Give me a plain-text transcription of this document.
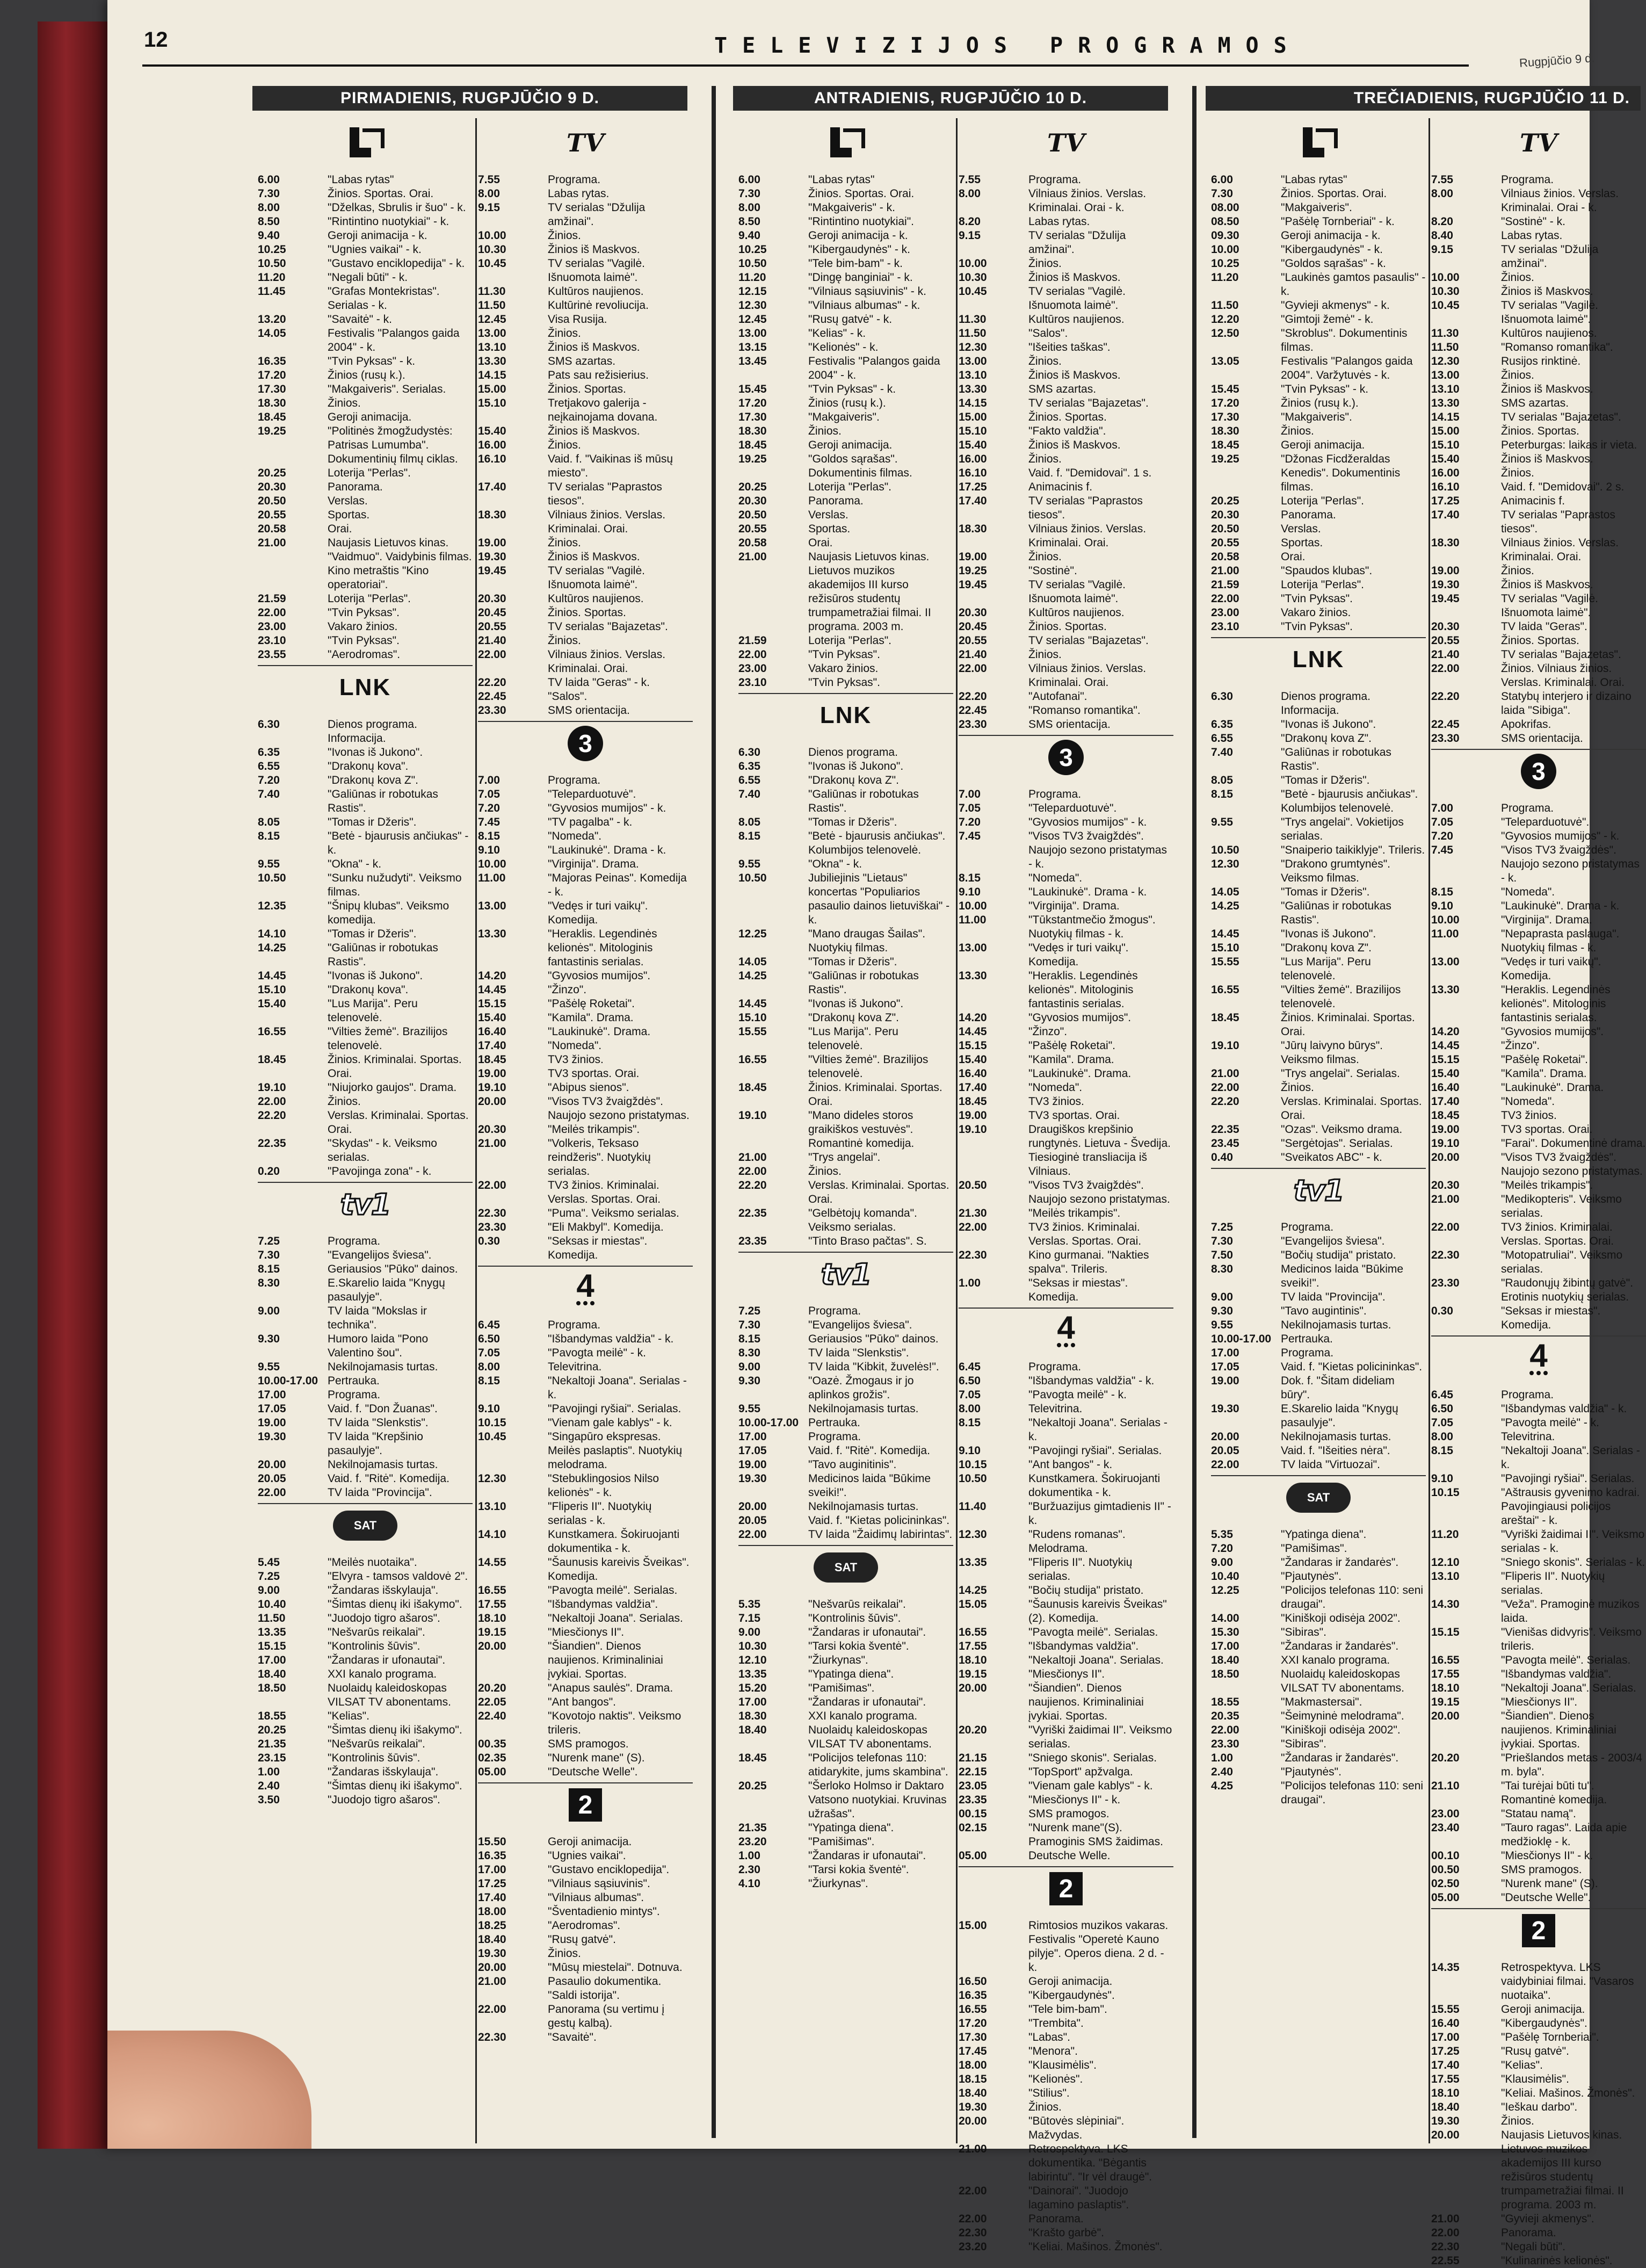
12	TELEVIZIJOS PROGRAMOS
Rugpjūčio 9 d.
PIRMADIENIS, RUGPJŪČIO 9 D.
6.00	"Labas rytas"
7.30	Žinios. Sportas. Orai.
8.00	"Dželkas, Sbrulis ir šuo" - k.
8.50	"Rintintino nuotykiai" - k.
9.40	Geroji animacija - k.
10.25	"Ugnies vaikai" - k.
10.50	"Gustavo enciklopedija" - k.
11.20	"Negali būti" - k.
11.45	"Grafas Montekristas". Serialas - k.
13.20	"Savaitė" - k.
14.05	Festivalis "Palangos gaida 2004" - k.
16.35	"Tvin Pyksas" - k.
17.20	Žinios (rusų k.).
17.30	"Makgaiveris". Serialas.
18.30	Žinios.
18.45	Geroji animacija.
19.25	"Politinės žmogžudystės: Patrisas Lumumba". Dokumentinių filmų ciklas.
20.25	Loterija "Perlas".
20.30	Panorama.
20.50	Verslas.
20.55	Sportas.
20.58	Orai.
21.00	Naujasis Lietuvos kinas. "Vaidmuo". Vaidybinis filmas. Kino metraštis "Kino operatoriai".
21.59	Loterija "Perlas".
22.00	"Tvin Pyksas".
23.00	Vakaro žinios.
23.10	"Tvin Pyksas".
23.55	"Aerodromas".
LNK
6.30	Dienos programa. Informacija.
6.35	"Ivonas iš Jukono".
6.55	"Drakonų kova".
7.20	"Drakonų kova Z".
7.40	"Galiūnas ir robotukas Rastis".
8.05	"Tomas ir Džeris".
8.15	"Betė - bjaurusis ančiukas" - k.
9.55	"Okna" - k.
10.50	"Sunku nužudyti". Veiksmo filmas.
12.35	"Šnipų klubas". Veiksmo komedija.
14.10	"Tomas ir Džeris".
14.25	"Galiūnas ir robotukas Rastis".
14.45	"Ivonas iš Jukono".
15.10	"Drakonų kova".
15.40	"Lus Marija". Peru telenovelė.
16.55	"Vilties žemė". Brazilijos telenovelė.
18.45	Žinios. Kriminalai. Sportas. Orai.
19.10	"Niujorko gaujos". Drama.
22.00	Žinios.
22.20	Verslas. Kriminalai. Sportas. Orai.
22.35	"Skydas" - k. Veiksmo serialas.
0.20	"Pavojinga zona" - k.
tv1
7.25	Programa.
7.30	"Evangelijos šviesa".
8.15	Geriausios "Pūko" dainos.
8.30	E.Skarelio laida "Knygų pasaulyje".
9.00	TV laida "Mokslas ir technika".
9.30	Humoro laida "Pono Valentino šou".
9.55	Nekilnojamasis turtas.
10.00-17.00 Pertrauka.
17.00	Programa.
17.05	Vaid. f. "Don Žuanas".
19.00	TV laida "Slenkstis".
19.30	TV laida "Krepšinio pasaulyje".
20.00	Nekilnojamasis turtas.
20.05	Vaid. f. "Ritė". Komedija.
22.00	TV laida "Provincija".
SAT
5.45	"Meilės nuotaika".
7.25	"Elvyra - tamsos valdovė 2".
9.00	"Žandaras išskylauja".
10.40	"Šimtas dienų iki išakymo".
11.50	"Juodojo tigro ašaros".
13.35	"Nešvarūs reikalai".
15.15	"Kontrolinis šūvis".
17.00	"Žandaras ir ufonautai".
18.40	XXI kanalo programa.
18.50	Nuolaidų kaleidoskopas VILSAT TV abonentams.
18.55	"Kelias".
20.25	"Šimtas dienų iki išakymo".
21.35	"Nešvarūs reikalai".
23.15	"Kontrolinis šūvis".
1.00	"Žandaras išskylauja".
2.40	"Šimtas dienų iki išakymo".
3.50	"Juodojo tigro ašaros".
TV
7.55	Programa.
8.00	Labas rytas.
9.15	TV serialas "Džulija amžinai".
10.00	Žinios.
10.30	Žinios iš Maskvos.
10.45	TV serialas "Vagilė. Išnuomota laimė".
11.30	Kultūros naujienos.
11.50	Kultūrinė revoliucija.
12.45	Visa Rusija.
13.00	Žinios.
13.10	Žinios iš Maskvos.
13.30	SMS azartas.
14.15	Pats sau režisierius.
15.00	Žinios. Sportas.
15.10	Tretjakovo galerija - neįkainojama dovana.
15.40	Žinios iš Maskvos.
16.00	Žinios.
16.10	Vaid. f. "Vaikinas iš mūsų miesto".
17.40	TV serialas "Paprastos tiesos".
18.30	Vilniaus žinios. Verslas. Kriminalai. Orai.
19.00	Žinios.
19.30	Žinios iš Maskvos.
19.45	TV serialas "Vagilė. Išnuomota laimė".
20.30	Kultūros naujienos.
20.45	Žinios. Sportas.
20.55	TV serialas "Bajazetas".
21.40	Žinios.
22.00	Vilniaus žinios. Verslas. Kriminalai. Orai.
22.20	TV laida "Geras" - k.
22.45	"Salos".
23.30	SMS orientacija.
3
7.00	Programa.
7.05	"Teleparduotuvė".
7.20	"Gyvosios mumijos" - k.
7.45	"TV pagalba" - k.
8.15	"Nomeda".
9.10	"Laukinukė". Drama - k.
10.00	"Virginija". Drama.
11.00	"Majoras Peinas". Komedija - k.
13.00	"Vedęs ir turi vaikų". Komedija.
13.30	"Heraklis. Legendinės kelionės". Mitologinis fantastinis serialas.
14.20	"Gyvosios mumijos".
14.45	"Žinzo".
15.15	"Pašėlę Roketai".
15.40	"Kamila". Drama.
16.40	"Laukinukė". Drama.
17.40	"Nomeda".
18.45	TV3 žinios.
19.00	TV3 sportas. Orai.
19.10	"Abipus sienos".
20.00	"Visos TV3 žvaigždės". Naujojo sezono pristatymas.
20.30	"Meilės trikampis".
21.00	"Volkeris, Teksaso reindžeris". Nuotykių serialas.
22.00	TV3 žinios. Kriminalai. Verslas. Sportas. Orai.
22.30	"Puma". Veiksmo serialas.
23.30	"Eli Makbyl". Komedija.
0.30	"Seksas ir miestas". Komedija.
4
6.45	Programa.
6.50	"Išbandymas valdžia" - k.
7.05	"Pavogta meilė" - k.
8.00	Televitrina.
8.15	"Nekaltoji Joana". Serialas - k.
9.10	"Pavojingi ryšiai". Serialas.
10.15	"Vienam gale kablys" - k.
10.45	"Singapūro ekspresas. Meilės paslaptis". Nuotykių melodrama.
12.30	"Stebuklingosios Nilso kelionės" - k.
13.10	"Fliperis II". Nuotykių serialas - k.
14.10	Kunstkamera. Šokiruojanti dokumentika - k.
14.55	"Šaunusis kareivis Šveikas". Komedija.
16.55	"Pavogta meilė". Serialas.
17.55	"Išbandymas valdžia".
18.10	"Nekaltoji Joana". Serialas.
19.15	"Miesčionys II".
20.00	"Šiandien". Dienos naujienos. Kriminaliniai įvykiai. Sportas.
20.20	"Anapus saulės". Drama.
22.05	"Ant bangos".
22.40	"Kovotojo naktis". Veiksmo trileris.
00.35	SMS pramogos.
02.35	"Nurenk mane" (S).
05.00	"Deutsche Welle".
2
15.50	Geroji animacija.
16.35	"Ugnies vaikai".
17.00	"Gustavo enciklopedija".
17.25	"Vilniaus sąsiuvinis".
17.40	"Vilniaus albumas".
18.00	"Šventadienio mintys".
18.25	"Aerodromas".
18.40	"Rusų gatvė".
19.30	Žinios.
20.00	"Mūsų miestelai". Dotnuva.
21.00	Pasaulio dokumentika. "Saldi istorija".
22.00	Panorama (su vertimu į gestų kalbą).
22.30	"Savaitė".
ANTRADIENIS, RUGPJŪČIO 10 D.
6.00	"Labas rytas"
7.30	Žinios. Sportas. Orai.
8.00	"Makgaiveris" - k.
8.50	"Rintintino nuotykiai".
9.40	Geroji animacija - k.
10.25	"Kibergaudynės" - k.
10.50	"Tele bim-bam" - k.
11.20	"Dingę banginiai" - k.
12.15	"Vilniaus sąsiuvinis" - k.
12.30	"Vilniaus albumas" - k.
12.45	"Rusų gatvė" - k.
13.00	"Kelias" - k.
13.15	"Kelionės" - k.
13.45	Festivalis "Palangos gaida 2004" - k.
15.45	"Tvin Pyksas" - k.
17.20	Žinios (rusų k.).
17.30	"Makgaiveris".
18.30	Žinios.
18.45	Geroji animacija.
19.25	"Goldos sąrašas". Dokumentinis filmas.
20.25	Loterija "Perlas".
20.30	Panorama.
20.50	Verslas.
20.55	Sportas.
20.58	Orai.
21.00	Naujasis Lietuvos kinas. Lietuvos muzikos akademijos III kurso režisūros studentų trumpametražiai filmai. II programa. 2003 m.
21.59	Loterija "Perlas".
22.00	"Tvin Pyksas".
23.00	Vakaro žinios.
23.10	"Tvin Pyksas".
LNK
6.30	Dienos programa.
6.35	"Ivonas iš Jukono".
6.55	"Drakonų kova Z".
7.40	"Galiūnas ir robotukas Rastis".
8.05	"Tomas ir Džeris".
8.15	"Betė - bjaurusis ančiukas". Kolumbijos telenovelė.
9.55	"Okna" - k.
10.50	Jubiliejinis "Lietaus" koncertas "Populiarios pasaulio dainos lietuviškai" - k.
12.25	"Mano draugas Šailas". Nuotykių filmas.
14.05	"Tomas ir Džeris".
14.25	"Galiūnas ir robotukas Rastis".
14.45	"Ivonas iš Jukono".
15.10	"Drakonų kova Z".
15.55	"Lus Marija". Peru telenovelė.
16.55	"Vilties žemė". Brazilijos telenovelė.
18.45	Žinios. Kriminalai. Sportas. Orai.
19.10	"Mano dideles storos graikiškos vestuvės". Romantinė komedija.
21.00	"Trys angelai".
22.00	Žinios.
22.20	Verslas. Kriminalai. Sportas. Orai.
22.35	"Gelbėtojų komanda". Veiksmo serialas.
23.35	"Tinto Braso pačtas". S.
tv1
7.25	Programa.
7.30	"Evangelijos šviesa".
8.15	Geriausios "Pūko" dainos.
8.30	TV laida "Slenkstis".
9.00	TV laida "Kibkit, žuvelės!".
9.30	"Oazė. Žmogaus ir jo aplinkos grožis".
9.55	Nekilnojamasis turtas.
10.00-17.00 Pertrauka.
17.00	Programa.
17.05	Vaid. f. "Ritė". Komedija.
19.00	"Tavo auginitinis".
19.30	Medicinos laida "Būkime sveiki!".
20.00	Nekilnojamasis turtas.
20.05	Vaid. f. "Kietas policininkas".
22.00	TV laida "Žaidimų labirintas".
SAT
5.35	"Nešvarūs reikalai".
7.15	"Kontrolinis šūvis".
9.00	"Žandaras ir ufonautai".
10.30	"Tarsi kokia šventė".
12.10	"Žiurkynas".
13.35	"Ypatinga diena".
15.20	"Pamišimas".
17.00	"Žandaras ir ufonautai".
18.30	XXI kanalo programa.
18.40	Nuolaidų kaleidoskopas VILSAT TV abonentams.
18.45	"Policijos telefonas 110: atidarykite, jums skambina".
20.25	"Šerloko Holmso ir Daktaro Vatsono nuotykiai. Kruvinas užrašas".
21.35	"Ypatinga diena".
23.20	"Pamišimas".
1.00	"Žandaras ir ufonautai".
2.30	"Tarsi kokia šventė".
4.10	"Žiurkynas".
TV
7.55	Programa.
8.00	Vilniaus žinios. Verslas. Kriminalai. Orai - k.
8.20	Labas rytas.
9.15	TV serialas "Džulija amžinai".
10.00	Žinios.
10.30	Žinios iš Maskvos.
10.45	TV serialas "Vagilė. Išnuomota laimė".
11.30	Kultūros naujienos.
11.50	"Salos".
12.30	"Išeities taškas".
13.00	Žinios.
13.10	Žinios iš Maskvos.
13.30	SMS azartas.
14.15	TV serialas "Bajazetas".
15.00	Žinios. Sportas.
15.10	"Fakto valdžia".
15.40	Žinios iš Maskvos.
16.00	Žinios.
16.10	Vaid. f. "Demidovai". 1 s.
17.25	Animacinis f.
17.40	TV serialas "Paprastos tiesos".
18.30	Vilniaus žinios. Verslas. Kriminalai. Orai.
19.00	Žinios.
19.25	"Sostinė".
19.45	TV serialas "Vagilė. Išnuomota laimė".
20.30	Kultūros naujienos.
20.45	Žinios. Sportas.
20.55	TV serialas "Bajazetas".
21.40	Žinios.
22.00	Vilniaus žinios. Verslas. Kriminalai. Orai.
22.20	"Autofanai".
22.45	"Romanso romantika".
23.30	SMS orientacija.
3
7.00	Programa.
7.05	"Teleparduotuvė".
7.20	"Gyvosios mumijos" - k.
7.45	"Visos TV3 žvaigždės". Naujojo sezono pristatymas - k.
8.15	"Nomeda".
9.10	"Laukinukė". Drama - k.
10.00	"Virginija". Drama.
11.00	"Tūkstantmečio žmogus". Nuotykių filmas - k.
13.00	"Vedęs ir turi vaikų". Komedija.
13.30	"Heraklis. Legendinės kelionės". Mitologinis fantastinis serialas.
14.20	"Gyvosios mumijos".
14.45	"Žinzo".
15.15	"Pašėlę Roketai".
15.40	"Kamila". Drama.
16.40	"Laukinukė". Drama.
17.40	"Nomeda".
18.45	TV3 žinios.
19.00	TV3 sportas. Orai.
19.10	Draugiškos krepšinio rungtynės. Lietuva - Švedija. Tiesioginė transliacija iš Vilniaus.
20.50	"Visos TV3 žvaigždės". Naujojo sezono pristatymas.
21.30	"Meilės trikampis".
22.00	TV3 žinios. Kriminalai. Verslas. Sportas. Orai.
22.30	Kino gurmanai. "Nakties spalva". Trileris.
1.00	"Seksas ir miestas". Komedija.
4
6.45	Programa.
6.50	"Išbandymas valdžia" - k.
7.05	"Pavogta meilė" - k.
8.00	Televitrina.
8.15	"Nekaltoji Joana". Serialas - k.
9.10	"Pavojingi ryšiai". Serialas.
10.15	"Ant bangos" - k.
10.50	Kunstkamera. Šokiruojanti dokumentika - k.
11.40	"Buržuazijus gimtadienis II" - k.
12.30	"Rudens romanas". Melodrama.
13.35	"Fliperis II". Nuotykių serialas.
14.25	"Bočių studija" pristato.
15.05	"Šaunusis kareivis Šveikas" (2). Komedija.
16.55	"Pavogta meilė". Serialas.
17.55	"Išbandymas valdžia".
18.10	"Nekaltoji Joana". Serialas.
19.15	"Miesčionys II".
20.00	"Šiandien". Dienos naujienos. Kriminaliniai įvykiai. Sportas.
20.20	"Vyriški žaidimai II". Veiksmo serialas.
21.15	"Sniego skonis". Serialas.
22.15	"TopSport" apžvalga.
23.05	"Vienam gale kablys" - k.
23.35	"Miesčionys II" - k.
00.15	SMS pramogos.
02.15	"Nurenk mane"(S). Pramoginis SMS žaidimas.
05.00	Deutsche Welle.
2
15.00	Rimtosios muzikos vakaras. Festivalis "Operetė Kauno pilyje". Operos diena. 2 d. - k.
16.50	Geroji animacija.
16.35	"Kibergaudynės".
16.55	"Tele bim-bam".
17.20	"Trembita".
17.30	"Labas".
17.45	"Menora".
18.00	"Klausimėlis".
18.15	"Kelionės".
18.40	"Stilius".
19.30	Žinios.
20.00	"Būtovės slėpiniai". Mažvydas.
21.00	Retrospektyva. LKS dokumentika. "Bėgantis labirintu". "Ir vėl draugė".
22.00	"Dainorai". "Juodojo lagamino paslaptis".
22.00	Panorama.
22.30	"Krašto garbė".
23.20	"Keliai. Mašinos. Žmonės".
TREČIADIENIS, RUGPJŪČIO 11 D.
6.00	"Labas rytas"
7.30	Žinios. Sportas. Orai.
08.00	"Makgaiveris".
08.50	"Pašėlę Tornberiai" - k.
09.30	Geroji animacija - k.
10.00	"Kibergaudynės" - k.
10.25	"Goldos sąrašas" - k.
11.20	"Laukinės gamtos pasaulis" - k.
11.50	"Gyvieji akmenys" - k.
12.20	"Gimtoji žemė" - k.
12.50	"Skroblus". Dokumentinis filmas.
13.05	Festivalis "Palangos gaida 2004". Varžytuvės - k.
15.45	"Tvin Pyksas" - k.
17.20	Žinios (rusų k.).
17.30	"Makgaiveris".
18.30	Žinios.
18.45	Geroji animacija.
19.25	"Džonas Ficdžeraldas Kenedis". Dokumentinis filmas.
20.25	Loterija "Perlas".
20.30	Panorama.
20.50	Verslas.
20.55	Sportas.
20.58	Orai.
21.00	"Spaudos klubas".
21.59	Loterija "Perlas".
22.00	"Tvin Pyksas".
23.00	Vakaro žinios.
23.10	"Tvin Pyksas".
LNK
6.30	Dienos programa. Informacija.
6.35	"Ivonas iš Jukono".
6.55	"Drakonų kova Z".
7.40	"Galiūnas ir robotukas Rastis".
8.05	"Tomas ir Džeris".
8.15	"Betė - bjaurusis ančiukas". Kolumbijos telenovelė.
9.55	"Trys angelai". Vokietijos serialas.
10.50	"Snaiperio taikiklyje". Trileris.
12.30	"Drakono grumtynės". Veiksmo filmas.
14.05	"Tomas ir Džeris".
14.25	"Galiūnas ir robotukas Rastis".
14.45	"Ivonas iš Jukono".
15.10	"Drakonų kova Z".
15.55	"Lus Marija". Peru telenovelė.
16.55	"Vilties žemė". Brazilijos telenovelė.
18.45	Žinios. Kriminalai. Sportas. Orai.
19.10	"Jūrų laivyno būrys". Veiksmo filmas.
21.00	"Trys angelai". Serialas.
22.00	Žinios.
22.20	Verslas. Kriminalai. Sportas. Orai.
22.35	"Ozas". Veiksmo drama.
23.45	"Sergėtojas". Serialas.
0.40	"Sveikatos ABC" - k.
tv1
7.25	Programa.
7.30	"Evangelijos šviesa".
7.50	"Bočių studija" pristato.
8.30	Medicinos laida "Būkime sveiki!".
9.00	TV laida "Provincija".
9.30	"Tavo augintinis".
9.55	Nekilnojamasis turtas.
10.00-17.00 Pertrauka.
17.00	Programa.
17.05	Vaid. f. "Kietas policininkas".
19.00	Dok. f. "Šitam dideliam būry".
19.30	E.Skarelio laida "Knygų pasaulyje".
20.00	Nekilnojamasis turtas.
20.05	Vaid. f. "Išeities nėra".
22.00	TV laida "Virtuozai".
SAT
5.35	"Ypatinga diena".
7.20	"Pamišimas".
9.00	"Žandaras ir žandarės".
10.40	"Pjautynės".
12.25	"Policijos telefonas 110: seni draugai".
14.00	"Kiniškoji odisėja 2002".
15.30	"Sibiras".
17.00	"Žandaras ir žandarės".
18.40	XXI kanalo programa.
18.50	Nuolaidų kaleidoskopas VILSAT TV abonentams.
18.55	"Makmastersai".
20.35	"Šeimyninė melodrama".
22.00	"Kiniškoji odisėja 2002".
23.30	"Sibiras".
1.00	"Žandaras ir žandarės".
2.40	"Pjautynės".
4.25	"Policijos telefonas 110: seni draugai".
TV
7.55	Programa.
8.00	Vilniaus žinios. Verslas. Kriminalai. Orai - k.
8.20	"Sostinė" - k.
8.40	Labas rytas.
9.15	TV serialas "Džulija amžinai".
10.00	Žinios.
10.30	Žinios iš Maskvos.
10.45	TV serialas "Vagilė. Išnuomota laimė".
11.30	Kultūros naujienos.
11.50	"Romanso romantika".
12.30	Rusijos rinktinė.
13.00	Žinios.
13.10	Žinios iš Maskvos.
13.30	SMS azartas.
14.15	TV serialas "Bajazetas".
15.00	Žinios. Sportas.
15.10	Peterburgas: laikas ir vieta.
15.40	Žinios iš Maskvos.
16.00	Žinios.
16.10	Vaid. f. "Demidovai". 2 s.
17.25	Animacinis f.
17.40	TV serialas "Paprastos tiesos".
18.30	Vilniaus žinios. Verslas. Kriminalai. Orai.
19.00	Žinios.
19.30	Žinios iš Maskvos.
19.45	TV serialas "Vagilė. Išnuomota laimė".
20.30	TV laida "Geras".
20.55	Žinios. Sportas.
21.40	TV serialas "Bajazetas".
22.00	Žinios. Vilniaus žinios. Verslas. Kriminalai. Orai.
22.20	Statybų interjero ir dizaino laida "Sibiga".
22.45	Apokrifas.
23.30	SMS orientacija.
3
7.00	Programa.
7.05	"Teleparduotuvė".
7.20	"Gyvosios mumijos" - k.
7.45	"Visos TV3 žvaigždės". Naujojo sezono pristatymas - k.
8.15	"Nomeda".
9.10	"Laukinukė". Drama - k.
10.00	"Virginija". Drama.
11.00	"Nepaprasta paslauga". Nuotykių filmas - k.
13.00	"Vedęs ir turi vaikų". Komedija.
13.30	"Heraklis. Legendinės kelionės". Mitologinis fantastinis serialas.
14.20	"Gyvosios mumijos".
14.45	"Žinzo".
15.15	"Pašėlę Roketai".
15.40	"Kamila". Drama.
16.40	"Laukinukė". Drama.
17.40	"Nomeda".
18.45	TV3 žinios.
19.00	TV3 sportas. Orai.
19.10	"Farai". Dokumentinė drama.
20.00	"Visos TV3 žvaigždės". Naujojo sezono pristatymas.
20.30	"Meilės trikampis".
21.00	"Medikopteris". Veiksmo serialas.
22.00	TV3 žinios. Kriminalai. Verslas. Sportas. Orai.
22.30	"Motopatruliai". Veiksmo serialas.
23.30	"Raudonųjų žibintų gatvė". Erotinis nuotykių serialas.
0.30	"Seksas ir miestas". Komedija.
4
6.45	Programa.
6.50	"Išbandymas valdžia" - k.
7.05	"Pavogta meilė" - k.
8.00	Televitrina.
8.15	"Nekaltoji Joana". Serialas - k.
9.10	"Pavojingi ryšiai". Serialas.
10.15	"Aštrausis gyvenimo kadrai. Pavojingiausi policijos areštai" - k.
11.20	"Vyriški žaidimai II". Veiksmo serialas - k.
12.10	"Sniego skonis". Serialas - k.
13.10	"Fliperis II". Nuotykių serialas.
14.30	"Veža". Pramoginė muzikos laida.
15.15	"Vienišas didvyris". Veiksmo trileris.
16.55	"Pavogta meilė". Serialas.
17.55	"Išbandymas valdžia".
18.10	"Nekaltoji Joana". Serialas.
19.15	"Miesčionys II".
20.00	"Šiandien". Dienos naujienos. Kriminaliniai įvykiai. Sportas.
20.20	"Priešlandos metas - 2003/4 m. byla".
21.10	"Tai turėjai būti tu". Romantinė komedija.
23.00	"Statau namą".
23.40	"Tauro ragas". Laida apie medžioklę - k.
00.10	"Miesčionys II" - k.
00.50	SMS pramogos.
02.50	"Nurenk mane" (S).
05.00	"Deutsche Welle".
2
14.35	Retrospektyva. LKS vaidybiniai filmai. "Vasaros nuotaika".
15.55	Geroji animacija.
16.40	"Kibergaudynės".
17.00	"Pašėlę Tornberiai".
17.25	"Rusų gatvė".
17.40	"Kelias".
17.55	"Klausimėlis".
18.10	"Keliai. Mašinos. Žmonės".
18.40	"Ieškau darbo".
19.30	Žinios.
20.00	Naujasis Lietuvos kinas. Lietuvos muzikos akademijos III kurso režisūros studentų trumpametražiai filmai. II programa. 2003 m.
21.00	"Gyvieji akmenys".
22.00	Panorama.
22.30	"Negali būti".
22.55	"Kulinarinės kelionės".
